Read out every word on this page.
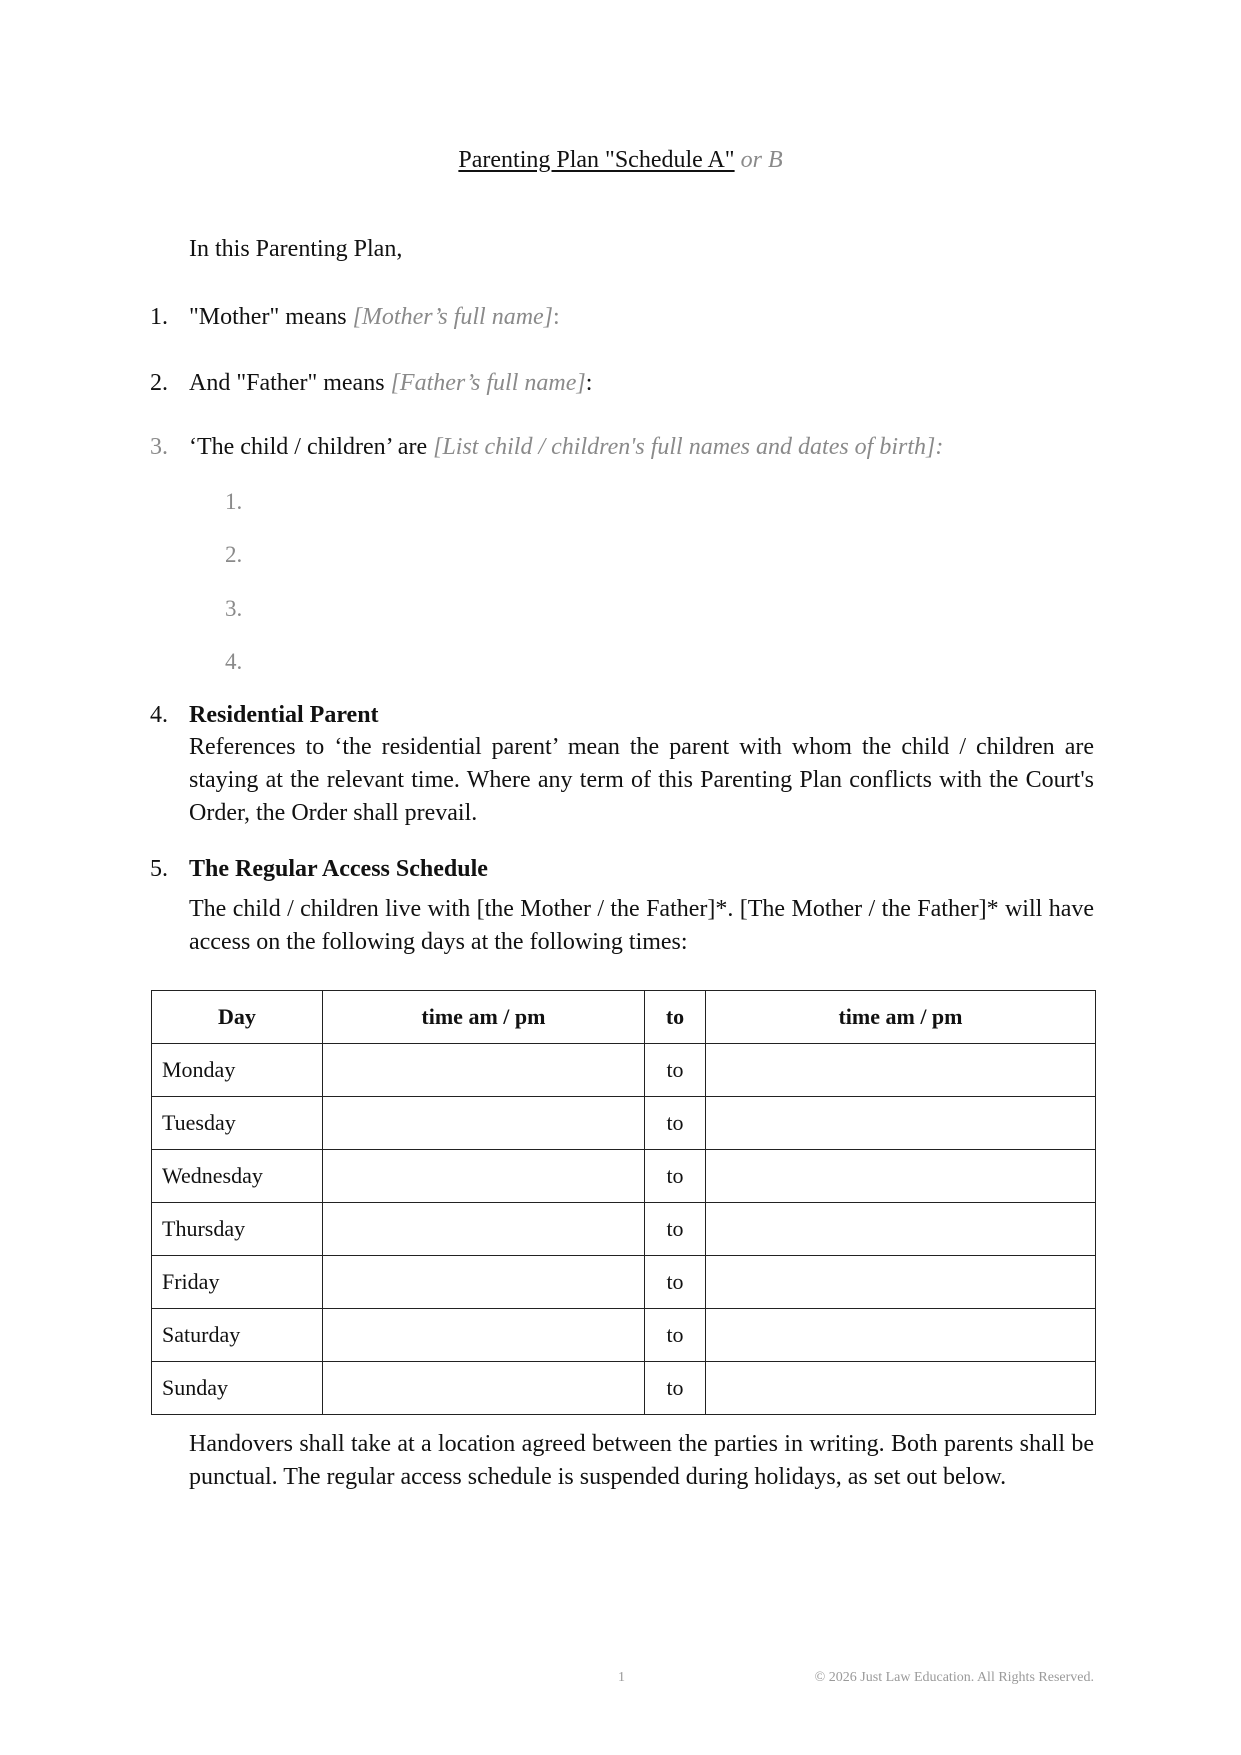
Parenting Plan "Schedule A" or B
In this Parenting Plan,
1. "Mother" means [Mother’s full name]:
2. And "Father" means [Father’s full name]:
3. ‘The child / children’ are [List child / children's full names and dates of birth]:
1.
2.
3.
4.
4. Residential Parent
References to ‘the residential parent’ mean the parent with whom the child / children are staying at the relevant time. Where any term of this Parenting Plan conflicts with the Court's Order, the Order shall prevail.
5. The Regular Access Schedule
The child / children live with [the Mother / the Father]*. [The Mother / the Father]* will have access on the following days at the following times:
Day	time am / pm	to	time am / pm
Monday		to	
Tuesday		to	
Wednesday		to	
Thursday		to	
Friday		to	
Saturday		to	
Sunday		to	
Handovers shall take at a location agreed between the parties in writing. Both parents shall be punctual. The regular access schedule is suspended during holidays, as set out below.
1	© 2026 Just Law Education. All Rights Reserved.
